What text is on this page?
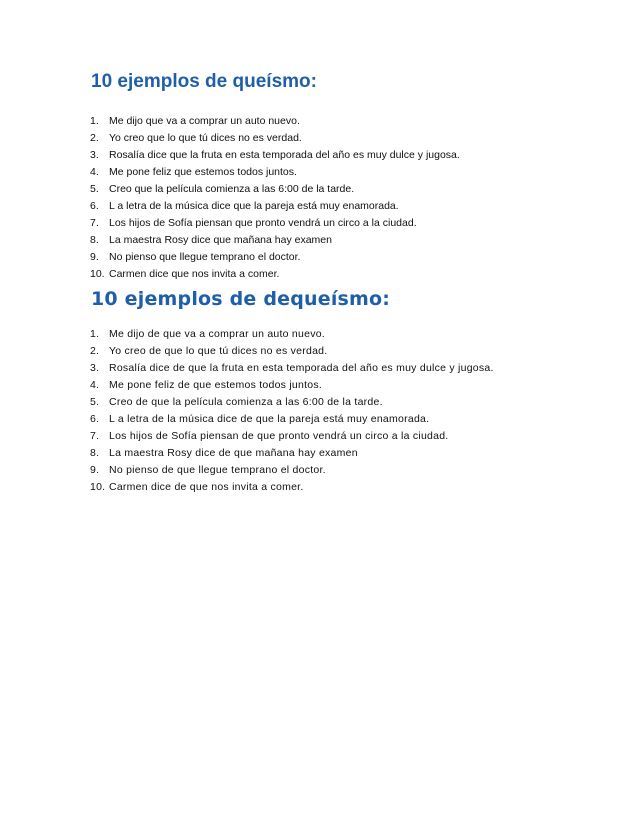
10 ejemplos de queísmo:
1. Me dijo que va a comprar un auto nuevo.
2. Yo creo que lo que tú dices no es verdad.
3. Rosalía dice que la fruta en esta temporada del año es muy dulce y jugosa.
4. Me pone feliz que estemos todos juntos.
5. Creo que la película comienza a las 6:00 de la tarde.
6. L a letra de la música dice que la pareja está muy enamorada.
7. Los hijos de Sofía piensan que pronto vendrá un circo a la ciudad.
8. La maestra Rosy dice que mañana hay examen
9. No pienso que llegue temprano el doctor.
10. Carmen dice que nos invita a comer.
10 ejemplos de dequeísmo:
1. Me dijo de que va a comprar un auto nuevo.
2. Yo creo de que lo que tú dices no es verdad.
3. Rosalía dice de que la fruta en esta temporada del año es muy dulce y jugosa.
4. Me pone feliz de que estemos todos juntos.
5. Creo de que la película comienza a las 6:00 de la tarde.
6. L a letra de la música dice de que la pareja está muy enamorada.
7. Los hijos de Sofía piensan de que pronto vendrá un circo a la ciudad.
8. La maestra Rosy dice de que mañana hay examen
9. No pienso de que llegue temprano el doctor.
10. Carmen dice de que nos invita a comer.
